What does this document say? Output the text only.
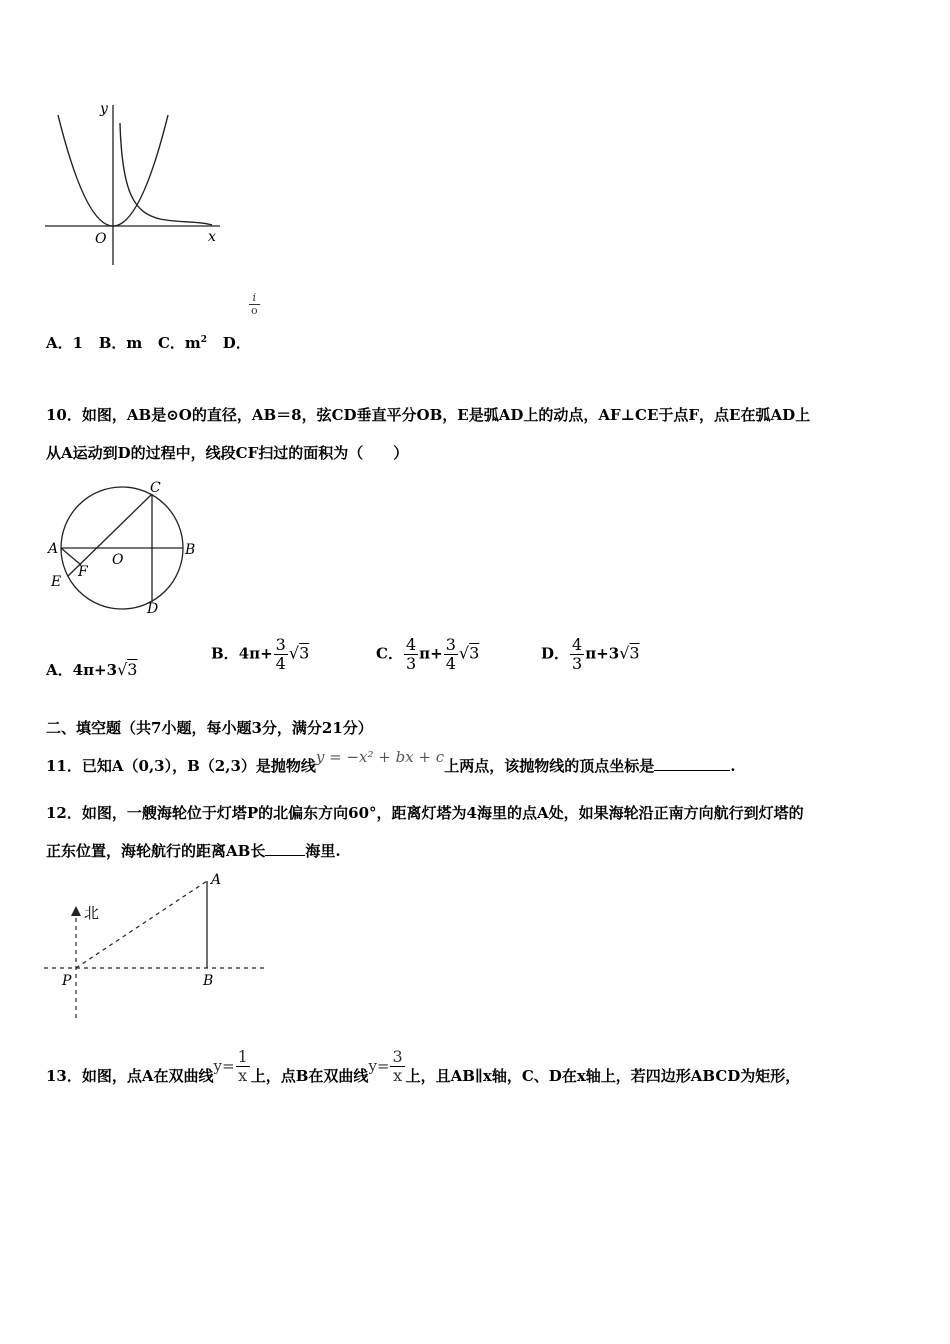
y
x
O
$\frac{i}{o}$
A．1 B．m C．$m^2$ D．
10．如图，AB是⊙O的直径，AB＝8，弦CD垂直平分OB，E是弧AD上的动点，AF⊥CE于点F，点E在弧AD上
从A运动到D的过程中，线段CF扫过的面积为（　　）
C
A
O
B
E
F
D
A．4π+3√3
B．$4\pi+ \frac{3}{4} √3$	C． $\frac{4}{3} \pi+ \frac{3}{4} √3$	D． $\frac{4}{3} \pi+3√3$
二、填空题（共7小题，每小题3分，满分21分）
11．已知A（0,3），B（2,3）是抛物线y = −x² + bx + c上两点，该抛物线的顶点坐标是	.
12．如图，一艘海轮位于灯塔P的北偏东方向60°，距离灯塔为4海里的点A处，如果海轮沿正南方向航行到灯塔的
正东位置，海轮航行的距离AB长	海里.
北
A
P	B
13．如图，点A在双曲线$y= \frac{1}{x}$ 上，点B在双曲线$y= \frac{3}{x}$ 上，且AB∥x轴，C、D在x轴上，若四边形ABCD为矩形，
